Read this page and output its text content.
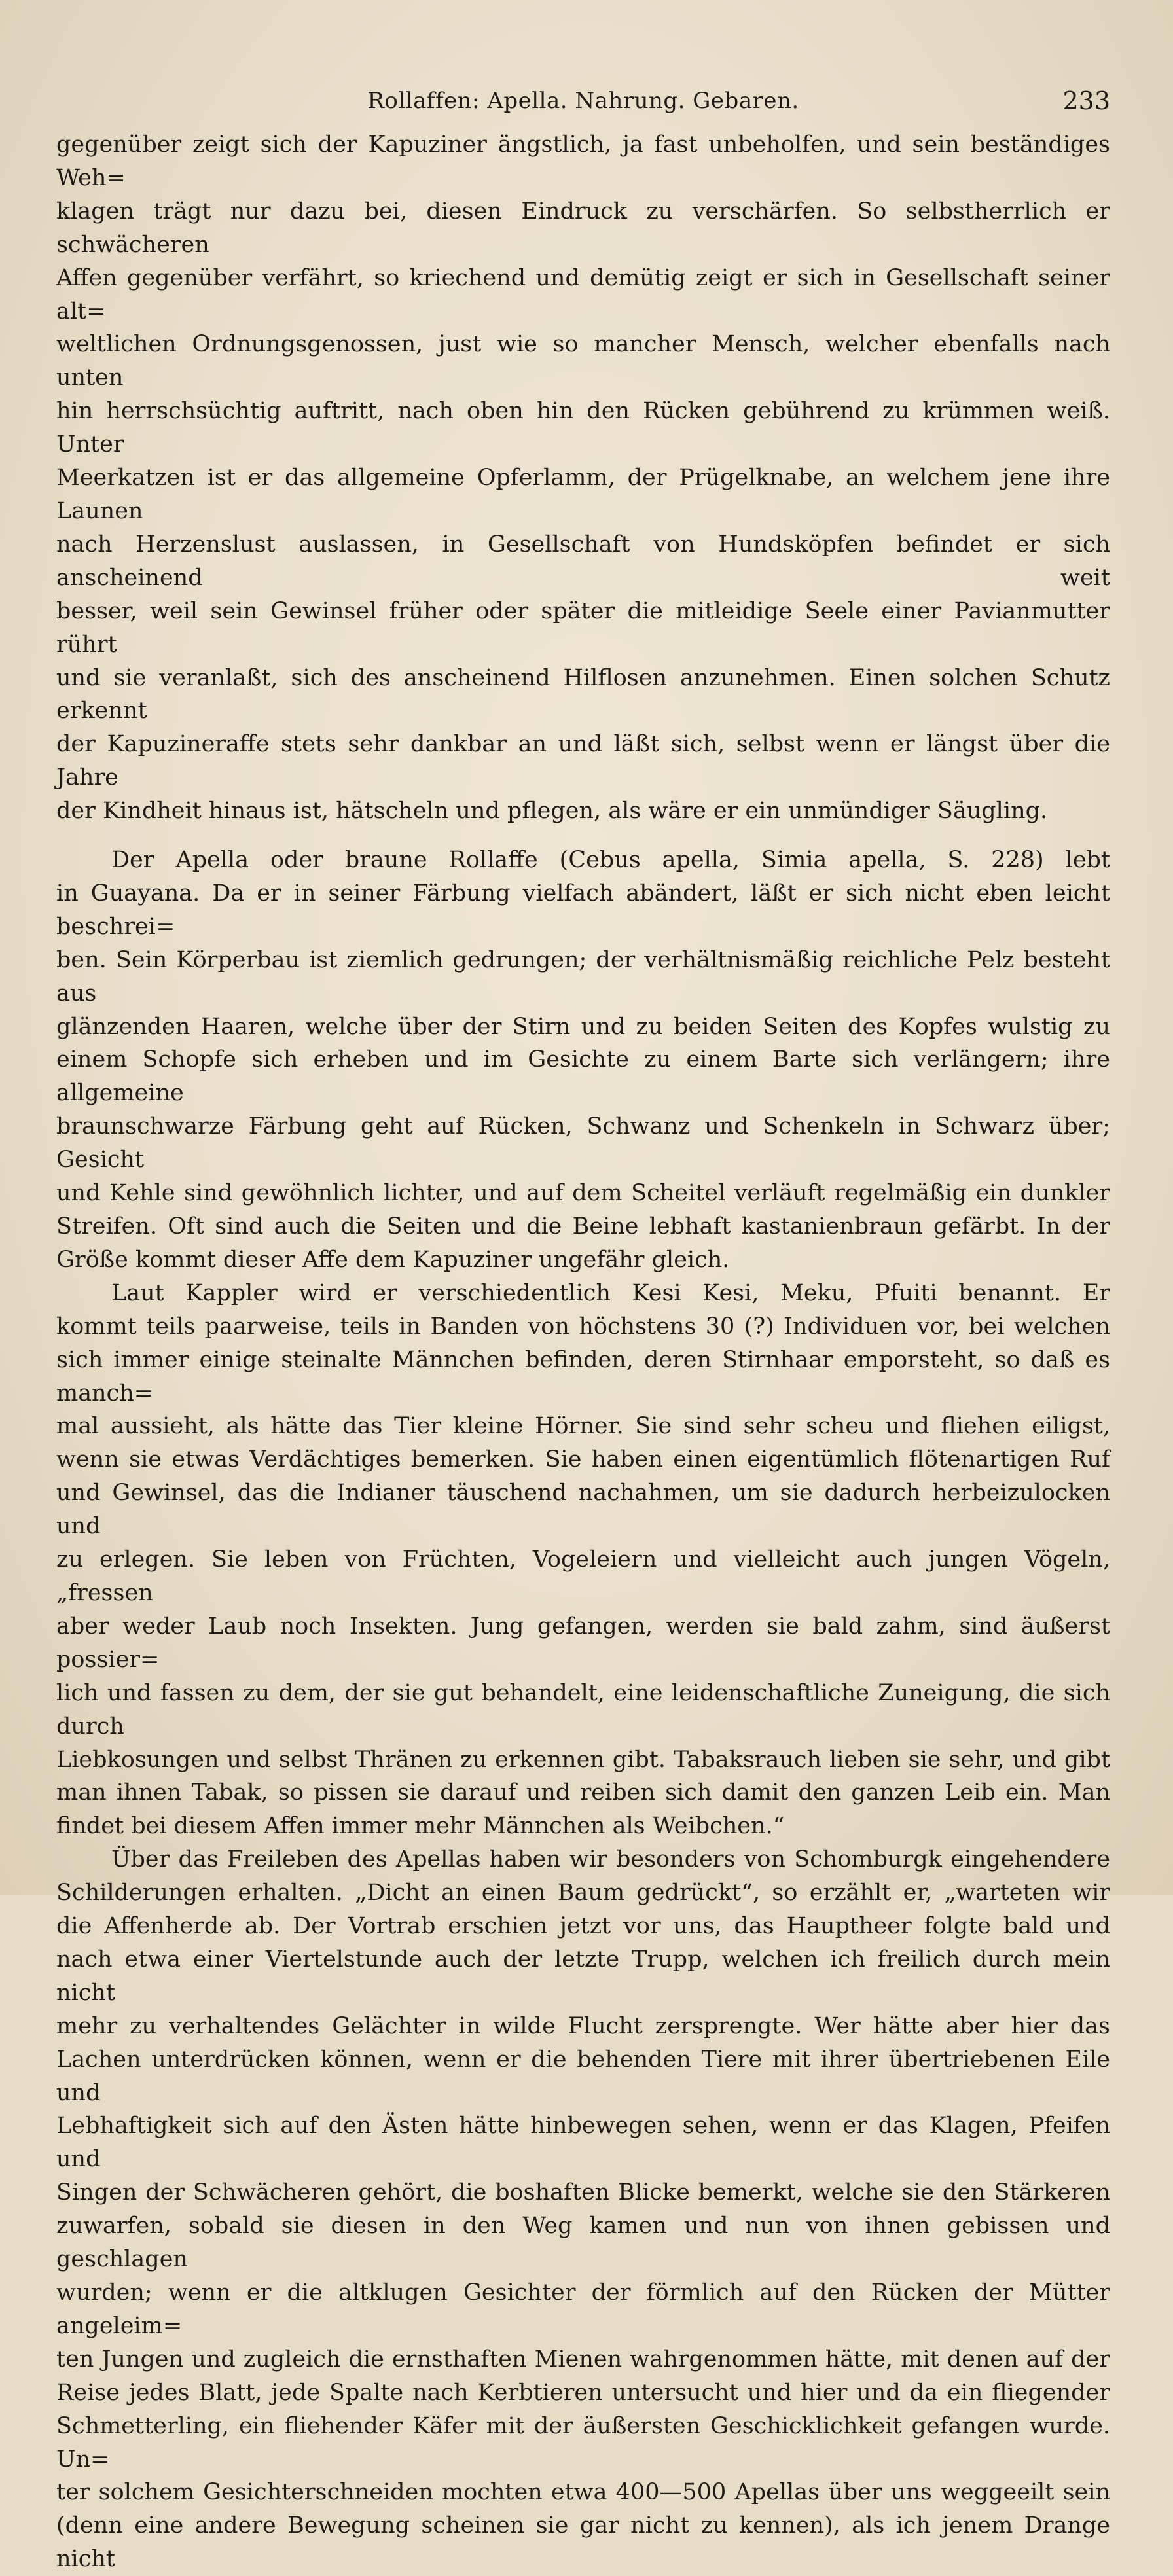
Rollaffen: Apella. Nahrung. Gebaren.	233

gegenüber zeigt sich der Kapuziner ängstlich, ja fast unbeholfen, und sein beständiges Weh=
klagen trägt nur dazu bei, diesen Eindruck zu verschärfen. So selbstherrlich er schwächeren
Affen gegenüber verfährt, so kriechend und demütig zeigt er sich in Gesellschaft seiner alt=
weltlichen Ordnungsgenossen, just wie so mancher Mensch, welcher ebenfalls nach unten
hin herrschsüchtig auftritt, nach oben hin den Rücken gebührend zu krümmen weiß. Unter
Meerkatzen ist er das allgemeine Opferlamm, der Prügelknabe, an welchem jene ihre Launen
nach Herzenslust auslassen, in Gesellschaft von Hundsköpfen befindet er sich anscheinend weit
besser, weil sein Gewinsel früher oder später die mitleidige Seele einer Pavianmutter rührt
und sie veranlaßt, sich des anscheinend Hilflosen anzunehmen. Einen solchen Schutz erkennt
der Kapuzineraffe stets sehr dankbar an und läßt sich, selbst wenn er längst über die Jahre
der Kindheit hinaus ist, hätscheln und pflegen, als wäre er ein unmündiger Säugling.

Der Apella oder braune Rollaffe (Cebus apella, Simia apella, S. 228) lebt
in Guayana. Da er in seiner Färbung vielfach abändert, läßt er sich nicht eben leicht beschrei=
ben. Sein Körperbau ist ziemlich gedrungen; der verhältnismäßig reichliche Pelz besteht aus
glänzenden Haaren, welche über der Stirn und zu beiden Seiten des Kopfes wulstig zu
einem Schopfe sich erheben und im Gesichte zu einem Barte sich verlängern; ihre allgemeine
braunschwarze Färbung geht auf Rücken, Schwanz und Schenkeln in Schwarz über; Gesicht
und Kehle sind gewöhnlich lichter, und auf dem Scheitel verläuft regelmäßig ein dunkler
Streifen. Oft sind auch die Seiten und die Beine lebhaft kastanienbraun gefärbt. In der
Größe kommt dieser Affe dem Kapuziner ungefähr gleich.

Laut Kappler wird er verschiedentlich Kesi Kesi, Meku, Pfuiti benannt. Er
kommt teils paarweise, teils in Banden von höchstens 30 (?) Individuen vor, bei welchen
sich immer einige steinalte Männchen befinden, deren Stirnhaar emporsteht, so daß es manch=
mal aussieht, als hätte das Tier kleine Hörner. Sie sind sehr scheu und fliehen eiligst,
wenn sie etwas Verdächtiges bemerken. Sie haben einen eigentümlich flötenartigen Ruf
und Gewinsel, das die Indianer täuschend nachahmen, um sie dadurch herbeizulocken und
zu erlegen. Sie leben von Früchten, Vogeleiern und vielleicht auch jungen Vögeln, „fressen
aber weder Laub noch Insekten. Jung gefangen, werden sie bald zahm, sind äußerst possier=
lich und fassen zu dem, der sie gut behandelt, eine leidenschaftliche Zuneigung, die sich durch
Liebkosungen und selbst Thränen zu erkennen gibt. Tabaksrauch lieben sie sehr, und gibt
man ihnen Tabak, so pissen sie darauf und reiben sich damit den ganzen Leib ein. Man
findet bei diesem Affen immer mehr Männchen als Weibchen.“

Über das Freileben des Apellas haben wir besonders von Schomburgk eingehendere
Schilderungen erhalten. „Dicht an einen Baum gedrückt“, so erzählt er, „warteten wir
die Affenherde ab. Der Vortrab erschien jetzt vor uns, das Hauptheer folgte bald und
nach etwa einer Viertelstunde auch der letzte Trupp, welchen ich freilich durch mein nicht
mehr zu verhaltendes Gelächter in wilde Flucht zersprengte. Wer hätte aber hier das
Lachen unterdrücken können, wenn er die behenden Tiere mit ihrer übertriebenen Eile und
Lebhaftigkeit sich auf den Ästen hätte hinbewegen sehen, wenn er das Klagen, Pfeifen und
Singen der Schwächeren gehört, die boshaften Blicke bemerkt, welche sie den Stärkeren
zuwarfen, sobald sie diesen in den Weg kamen und nun von ihnen gebissen und geschlagen
wurden; wenn er die altklugen Gesichter der förmlich auf den Rücken der Mütter angeleim=
ten Jungen und zugleich die ernsthaften Mienen wahrgenommen hätte, mit denen auf der
Reise jedes Blatt, jede Spalte nach Kerbtieren untersucht und hier und da ein fliegender
Schmetterling, ein fliehender Käfer mit der äußersten Geschicklichkeit gefangen wurde. Un=
ter solchem Gesichterschneiden mochten etwa 400—500 Apellas über uns weggeeilt sein
(denn eine andere Bewegung scheinen sie gar nicht zu kennen), als ich jenem Drange nicht
